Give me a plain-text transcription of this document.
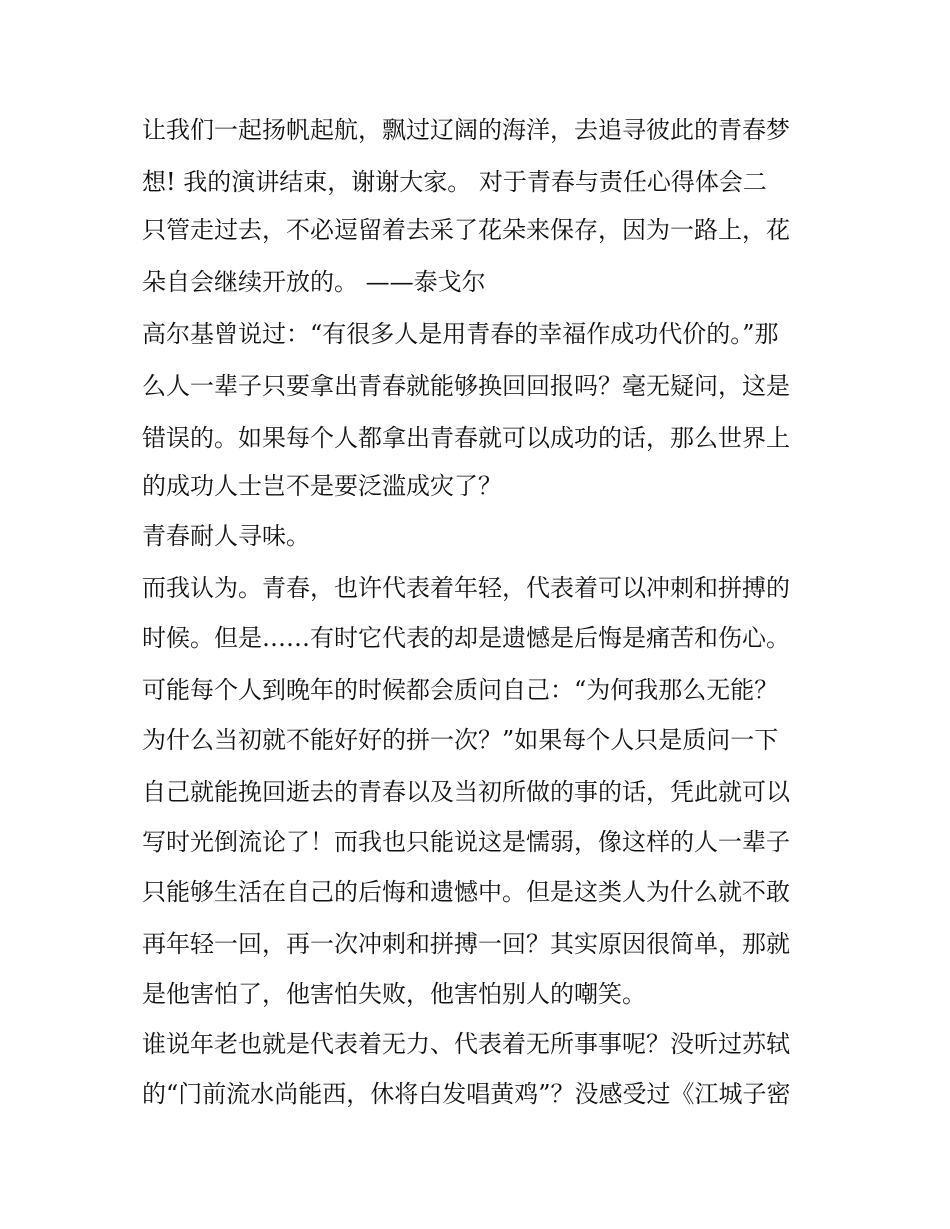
让我们一起扬帆起航，飘过辽阔的海洋，去追寻彼此的青春梦
想! 我的演讲结束，谢谢大家。 对于青春与责任心得体会二
只管走过去，不必逗留着去采了花朵来保存，因为一路上，花
朵自会继续开放的。 ——泰戈尔
高尔基曾说过：“有很多人是用青春的幸福作成功代价的。”那
么人一辈子只要拿出青春就能够换回回报吗？毫无疑问，这是
错误的。如果每个人都拿出青春就可以成功的话，那么世界上
的成功人士岂不是要泛滥成灾了？
青春耐人寻味。
而我认为。青春，也许代表着年轻，代表着可以冲刺和拼搏的
时候。但是……有时它代表的却是遗憾是后悔是痛苦和伤心。
可能每个人到晚年的时候都会质问自己：“为何我那么无能？
为什么当初就不能好好的拼一次？”如果每个人只是质问一下
自己就能挽回逝去的青春以及当初所做的事的话，凭此就可以
写时光倒流论了！而我也只能说这是懦弱，像这样的人一辈子
只能够生活在自己的后悔和遗憾中。但是这类人为什么就不敢
再年轻一回，再一次冲刺和拼搏一回？其实原因很简单，那就
是他害怕了，他害怕失败，他害怕别人的嘲笑。
谁说年老也就是代表着无力、代表着无所事事呢？没听过苏轼
的“门前流水尚能西，休将白发唱黄鸡”？没感受过《江城子密
